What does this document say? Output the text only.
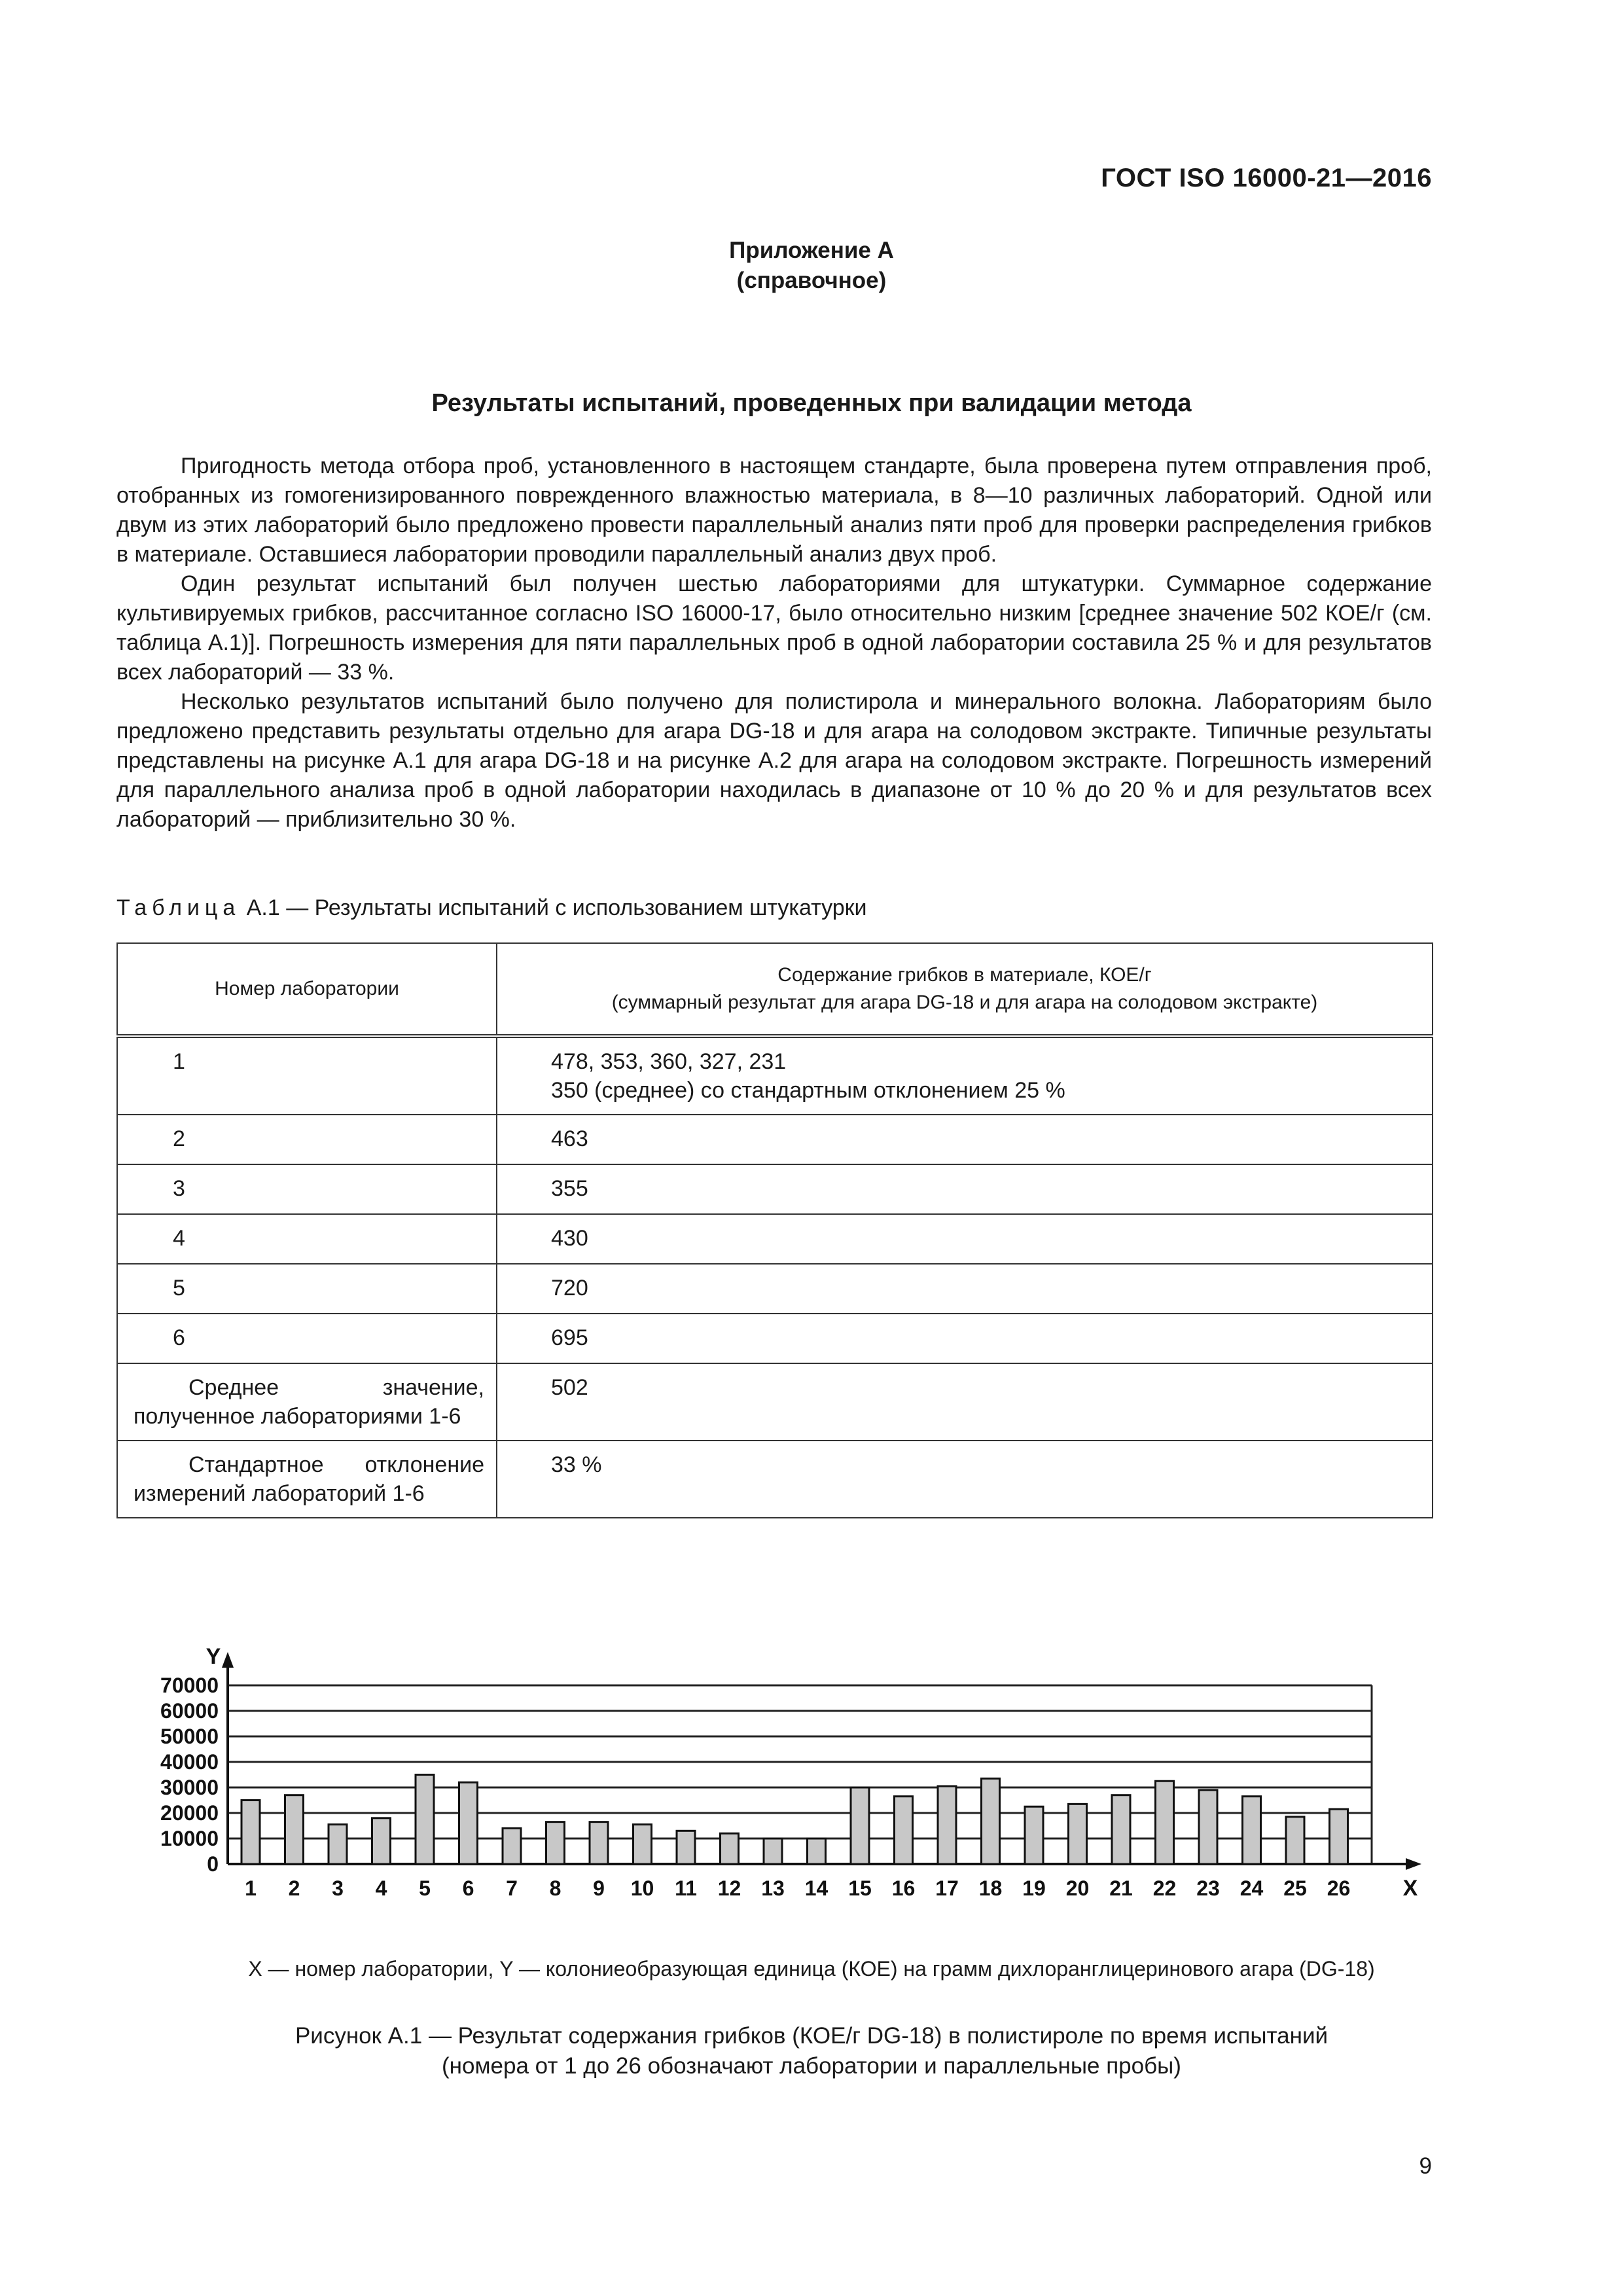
ГОСТ ISO 16000-21—2016
Приложение А
(справочное)
Результаты испытаний, проведенных при валидации метода

Пригодность метода отбора проб, установленного в настоящем стандарте, была проверена путем отправления проб, отобранных из гомогенизированного поврежденного влажностью материала, в 8—10 различных лабораторий. Одной или двум из этих лабораторий было предложено провести параллельный анализ пяти проб для проверки распределения грибков в материале. Оставшиеся лаборатории проводили параллельный анализ двух проб.

Один результат испытаний был получен шестью лабораториями для штукатурки. Суммарное содержание культивируемых грибков, рассчитанное согласно ISO 16000-17, было относительно низким [среднее значение 502 КОЕ/г (см. таблица А.1)]. Погрешность измерения для пяти параллельных проб в одной лаборатории составила 25 % и для результатов всех лабораторий — 33 %.

Несколько результатов испытаний было получено для полистирола и минерального волокна. Лабораториям было предложено представить результаты отдельно для агара DG-18 и для агара на солодовом экстракте. Типичные результаты представлены на рисунке А.1 для агара DG-18 и на рисунке А.2 для агара на солодовом экстракте. Погрешность измерений для параллельного анализа проб в одной лаборатории находилась в диапазоне от 10 % до 20 % и для результатов всех лабораторий — приблизительно 30 %.

Таблица А.1 — Результаты испытаний с использованием штукатурки
Номер лаборатории	Содержание грибков в материале, КОЕ/г
(суммарный результат для агара DG-18 и для агара на солодовом экстракте)

1	478, 353, 360, 327, 231
350 (среднее) со стандартным отклонением 25 %

2	463
3	355
4	430
5	720
6	695
Среднее значение, полученное лабораториями 1-6	502
Стандартное отклонение измерений лабораторий 1-6	33 %
0
10000
20000
30000
40000
50000
60000
70000
Y
X
1 2 3 4 5 6 7 8 9 10 11 12 13 14 15 16 17 18 19 20 21 22 23 24 25 26
X — номер лаборатории, Y — колониеобразующая единица (КОЕ) на грамм дихлоранглицеринового агара (DG-18)
Рисунок А.1 — Результат содержания грибков (КОЕ/г DG-18) в полистироле по время испытаний
(номера от 1 до 26 обозначают лаборатории и параллельные пробы)
9
